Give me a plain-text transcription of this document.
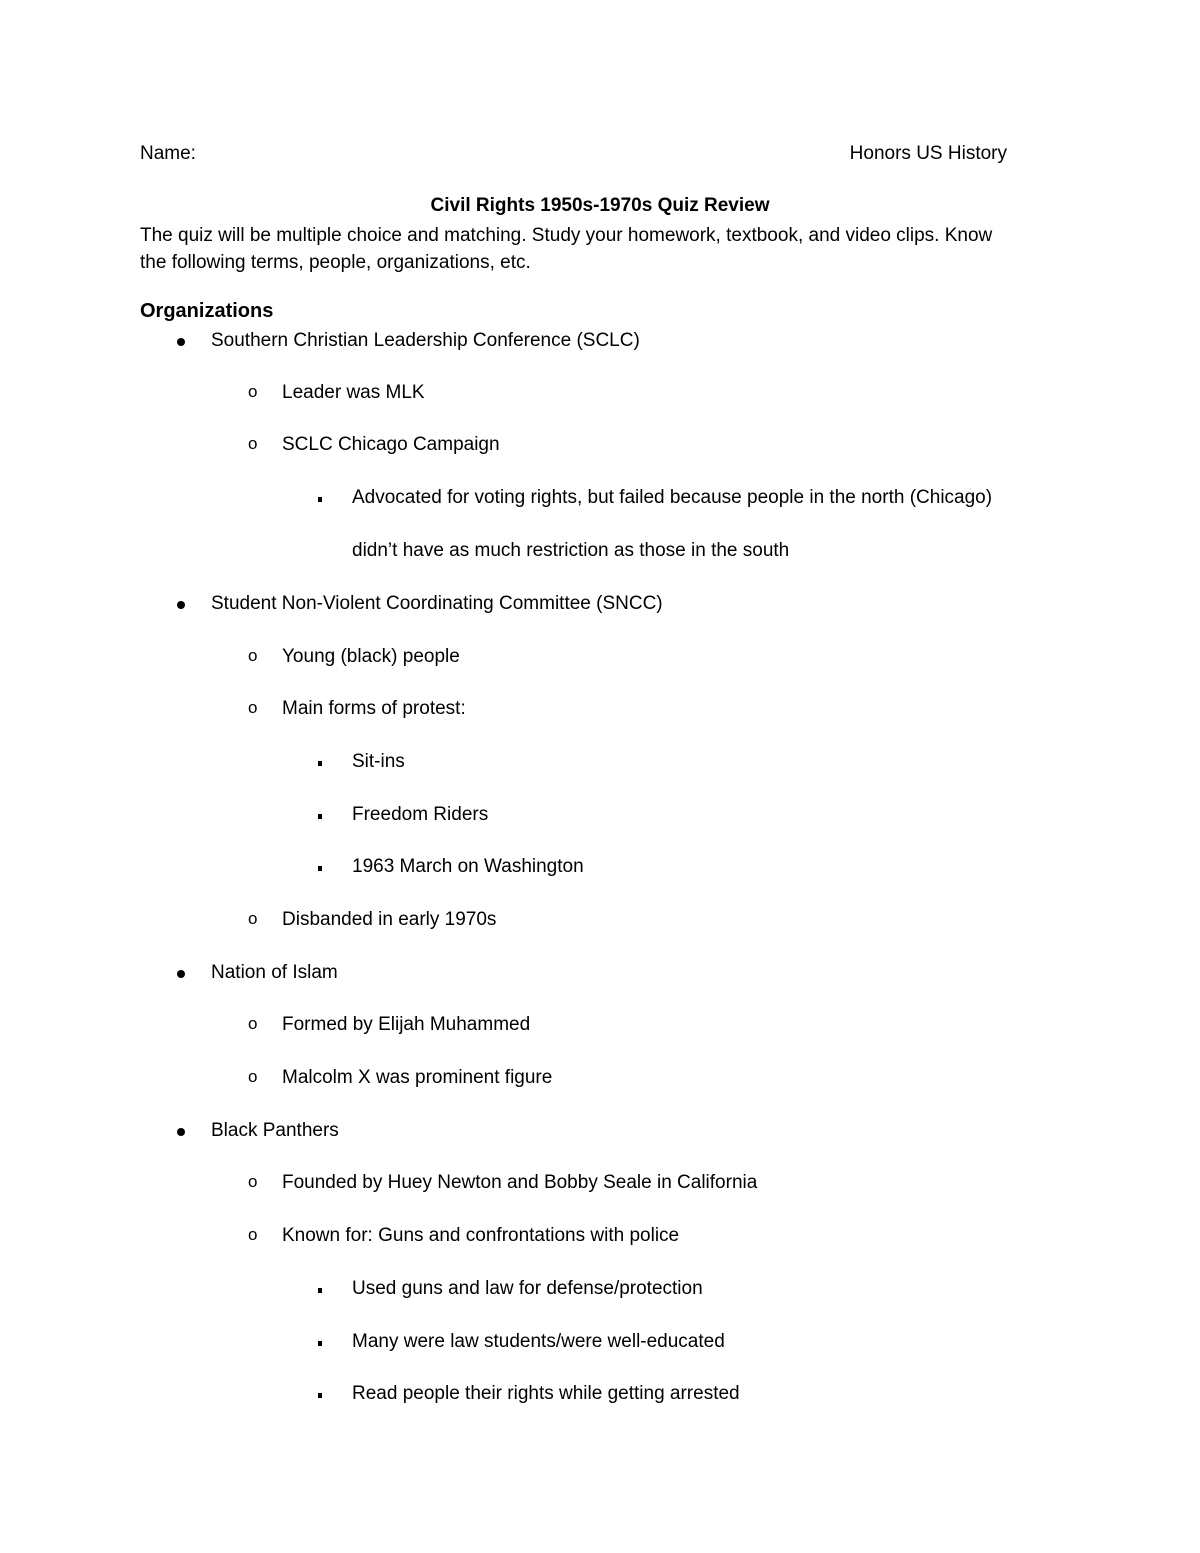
Name:	Honors US History
Civil Rights 1950s-1970s Quiz Review
The quiz will be multiple choice and matching. Study your homework, textbook, and video clips. Know
the following terms, people, organizations, etc.
Organizations
Southern Christian Leadership Conference (SCLC)
o Leader was MLK
o SCLC Chicago Campaign
Advocated for voting rights, but failed because people in the north (Chicago)
didn’t have as much restriction as those in the south
Student Non-Violent Coordinating Committee (SNCC)
o Young (black) people
o Main forms of protest:
Sit-ins
Freedom Riders
1963 March on Washington
o Disbanded in early 1970s
Nation of Islam
o Formed by Elijah Muhammed
o Malcolm X was prominent figure
Black Panthers
o Founded by Huey Newton and Bobby Seale in California
o Known for: Guns and confrontations with police
Used guns and law for defense/protection
Many were law students/were well-educated
Read people their rights while getting arrested
